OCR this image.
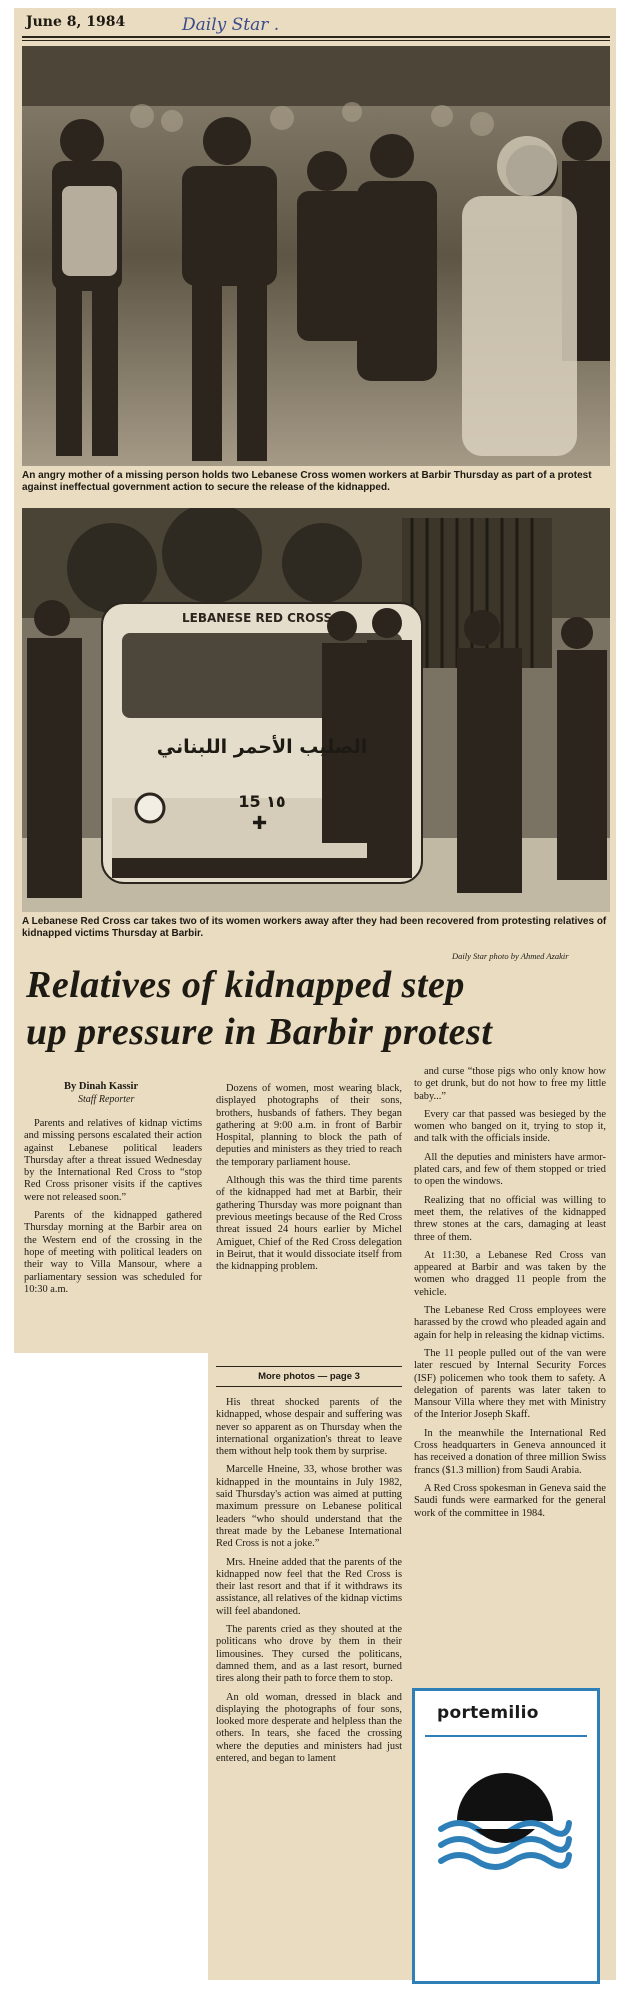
June 8, 1984	Daily Star .
An angry mother of a missing person holds two Lebanese Cross women workers at Barbir Thursday as part of a protest against ineffectual government action to secure the release of the kidnapped.
LEBANESE RED CROSS
الصليب الأحمر اللبناني
15 ١٥
✚
A Lebanese Red Cross car takes two of its women workers away after they had been recovered from protesting relatives of kidnapped victims Thursday at Barbir.
Daily Star photo by Ahmed Azakir
Relatives of kidnapped step
up pressure in Barbir protest
By Dinah Kassir
Staff Reporter

Parents and relatives of kidnap victims and missing persons escalated their action against Lebanese political leaders Thursday after a threat issued Wednesday by the International Red Cross to “stop Red Cross prisoner visits if the captives were not released soon.”

Parents of the kidnapped gathered Thursday morning at the Barbir area on the Western end of the crossing in the hope of meeting with political leaders on their way to Villa Mansour, where a parliamentary session was scheduled for 10:30 a.m.

Dozens of women, most wearing black, displayed photographs of their sons, brothers, husbands of fathers. They began gathering at 9:00 a.m. in front of Barbir Hospital, planning to block the path of deputies and ministers as they tried to reach the temporary parliament house.

Although this was the third time parents of the kidnapped had met at Barbir, their gathering Thursday was more poignant than previous meetings because of the Red Cross threat issued 24 hours earlier by Michel Amiguet, Chief of the Red Cross delegation in Beirut, that it would dissociate itself from the kidnapping problem.

More photos — page 3

His threat shocked parents of the kidnapped, whose despair and suffering was never so apparent as on Thursday when the international organization's threat to leave them without help took them by surprise.

Marcelle Hneine, 33, whose brother was kidnapped in the mountains in July 1982, said Thursday's action was aimed at putting maximum pressure on Lebanese political leaders “who should understand that the threat made by the Lebanese International Red Cross is not a joke.”

Mrs. Hneine added that the parents of the kidnapped now feel that the Red Cross is their last resort and that if it withdraws its assistance, all relatives of the kidnap victims will feel abandoned.

The parents cried as they shouted at the politicans who drove by them in their limousines. They cursed the politicans, damned them, and as a last resort, burned tires along their path to force them to stop.

An old woman, dressed in black and displaying the photographs of four sons, looked more desperate and helpless than the others. In tears, she faced the crossing where the deputies and ministers had just entered, and began to lament

and curse “those pigs who only know how to get drunk, but do not how to free my little baby...”

Every car that passed was besieged by the women who banged on it, trying to stop it, and talk with the officials inside.

All the deputies and ministers have armor-plated cars, and few of them stopped or tried to open the windows.

Realizing that no official was willing to meet them, the relatives of the kidnapped threw stones at the cars, damaging at least three of them.

At 11:30, a Lebanese Red Cross van appeared at Barbir and was taken by the women who dragged 11 people from the vehicle.

The Lebanese Red Cross employees were harassed by the crowd who pleaded again and again for help in releasing the kidnap victims.

The 11 people pulled out of the van were later rescued by Internal Security Forces (ISF) policemen who took them to safety. A delegation of parents was later taken to Mansour Villa where they met with Ministry of the Interior Joseph Skaff.

In the meanwhile the International Red Cross headquarters in Geneva announced it has received a donation of three million Swiss francs ($1.3 million) from Saudi Arabia.

A Red Cross spokesman in Geneva said the Saudi funds were earmarked for the general work of the committee in 1984.

portemilio
